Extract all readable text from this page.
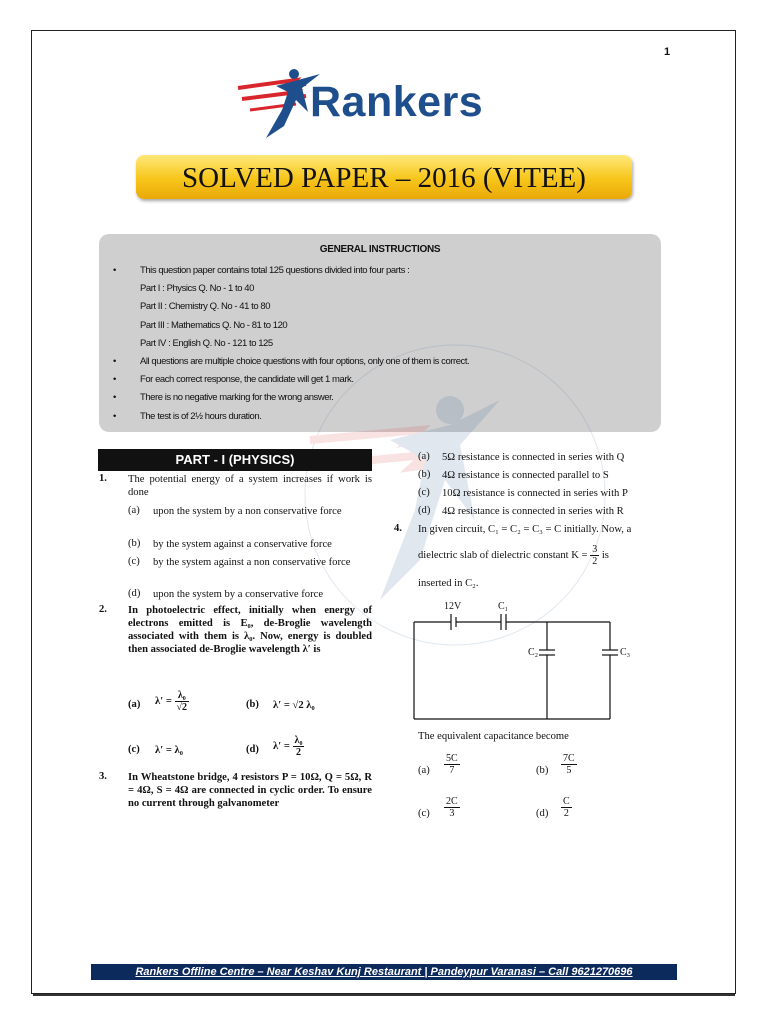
1
Rankers
SOLVED PAPER – 2016 (VITEE)
GENERAL INSTRUCTIONS
•	This question paper contains total 125 questions divided into four parts :
Part I : Physics Q. No - 1 to 40
Part II : Chemistry Q. No - 41 to 80
Part III : Mathematics Q. No - 81 to 120
Part IV : English Q. No - 121 to 125
•	All questions are multiple choice questions with four options, only one of them is correct.
•	For each correct response, the candidate will get 1 mark.
•	There is no negative marking for the wrong answer.
•	The test is of 2½ hours duration.
PART - I (PHYSICS)
1. The potential energy of a system increases if work is done
(a) upon the system by a non conservative force
(b) by the system against a conservative force
(c) by the system against a non conservative force
(d) upon the system by a conservative force
2. In photoelectric effect, initially when energy of electrons emitted is E₀, de-Broglie wavelength associated with them is λ₀. Now, energy is doubled then associated de-Broglie wavelength λ′ is
(a) $\lambda' = \frac{\text{λ₀}}{√2}$	(b) λ′ = √2 λ₀
(c) λ′ = λ₀	(d) $\lambda' = \frac{\text{λ₀}}{2}$
3. In Wheatstone bridge, 4 resistors P = 10Ω, Q = 5Ω, R = 4Ω, S = 4Ω are connected in cyclic order. To ensure no current through galvanometer
(a) 5Ω resistance is connected in series with Q
(b) 4Ω resistance is connected parallel to S
(c) 10Ω resistance is connected in series with P
(d) 4Ω resistance is connected in series with R
4. In given circuit, C₁ = C₂ = C₃ = C initially. Now, a
dielectric slab of dielectric constant $K = \frac{3}{2}$ is
inserted in C₂.
12V	C₁
C₂	C₃
The equivalent capacitance become
$(a) \frac{5C}{7}$	$(b) \frac{7C}{5}$
$(c) \frac{2C}{3}$	$(d) \frac{C}{2}$
Rankers Offline Centre – Near Keshav Kunj Restaurant | Pandeypur Varanasi – Call 9621270696
